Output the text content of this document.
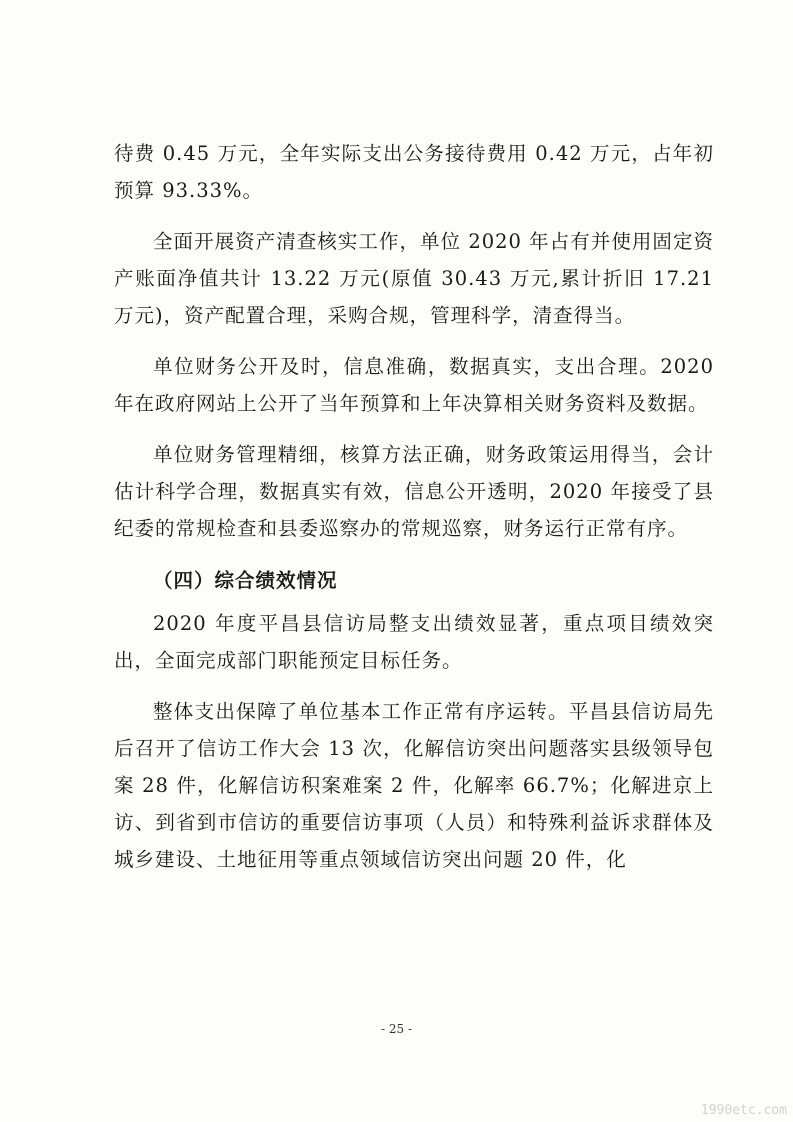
待费 0.45 万元，全年实际支出公务接待费用 0.42 万元，占年初预算 93.33%。

全面开展资产清查核实工作，单位 2020 年占有并使用固定资产账面净值共计 13.22 万元(原值 30.43 万元,累计折旧 17.21 万元)，资产配置合理，采购合规，管理科学，清查得当。

单位财务公开及时，信息准确，数据真实，支出合理。2020 年在政府网站上公开了当年预算和上年决算相关财务资料及数据。

单位财务管理精细，核算方法正确，财务政策运用得当，会计估计科学合理，数据真实有效，信息公开透明，2020 年接受了县纪委的常规检查和县委巡察办的常规巡察，财务运行正常有序。

（四）综合绩效情况

2020 年度平昌县信访局整支出绩效显著，重点项目绩效突出，全面完成部门职能预定目标任务。

整体支出保障了单位基本工作正常有序运转。平昌县信访局先后召开了信访工作大会 13 次，化解信访突出问题落实县级领导包案 28 件，化解信访积案难案 2 件，化解率 66.7%；化解进京上访、到省到市信访的重要信访事项（人员）和特殊利益诉求群体及城乡建设、土地征用等重点领域信访突出问题 20 件，化

- 25 -
1990etc.com
